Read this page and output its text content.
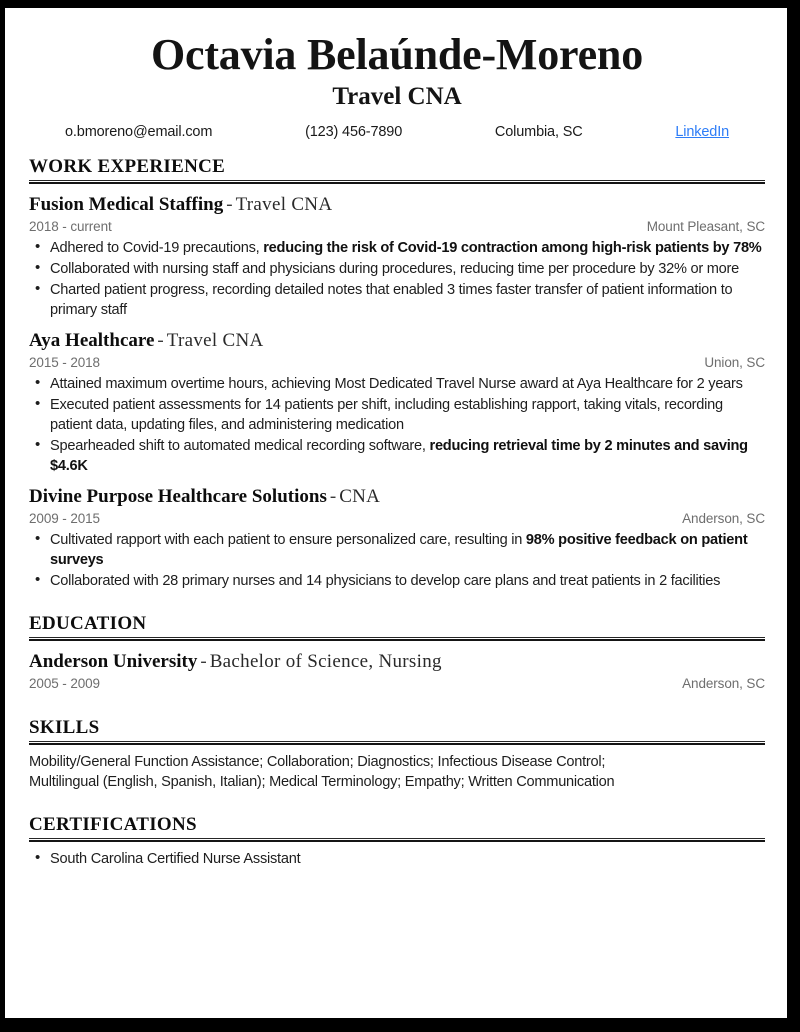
Octavia Belaúnde-Moreno
Travel CNA
o.bmoreno@email.com	(123) 456-7890	Columbia, SC	LinkedIn
WORK EXPERIENCE
Fusion Medical Staffing - Travel CNA
2018 - current	Mount Pleasant, SC
• Adhered to Covid-19 precautions, reducing the risk of Covid-19 contraction among high-risk patients by 78%
• Collaborated with nursing staff and physicians during procedures, reducing time per procedure by 32% or more
• Charted patient progress, recording detailed notes that enabled 3 times faster transfer of patient information to primary staff
Aya Healthcare - Travel CNA
2015 - 2018	Union, SC
• Attained maximum overtime hours, achieving Most Dedicated Travel Nurse award at Aya Healthcare for 2 years
• Executed patient assessments for 14 patients per shift, including establishing rapport, taking vitals, recording patient data, updating files, and administering medication
• Spearheaded shift to automated medical recording software, reducing retrieval time by 2 minutes and saving $4.6K
Divine Purpose Healthcare Solutions - CNA
2009 - 2015	Anderson, SC
• Cultivated rapport with each patient to ensure personalized care, resulting in 98% positive feedback on patient surveys
• Collaborated with 28 primary nurses and 14 physicians to develop care plans and treat patients in 2 facilities
EDUCATION
Anderson University - Bachelor of Science, Nursing
2005 - 2009	Anderson, SC
SKILLS
Mobility/General Function Assistance; Collaboration; Diagnostics; Infectious Disease Control;
Multilingual (English, Spanish, Italian); Medical Terminology; Empathy; Written Communication
CERTIFICATIONS
• South Carolina Certified Nurse Assistant
